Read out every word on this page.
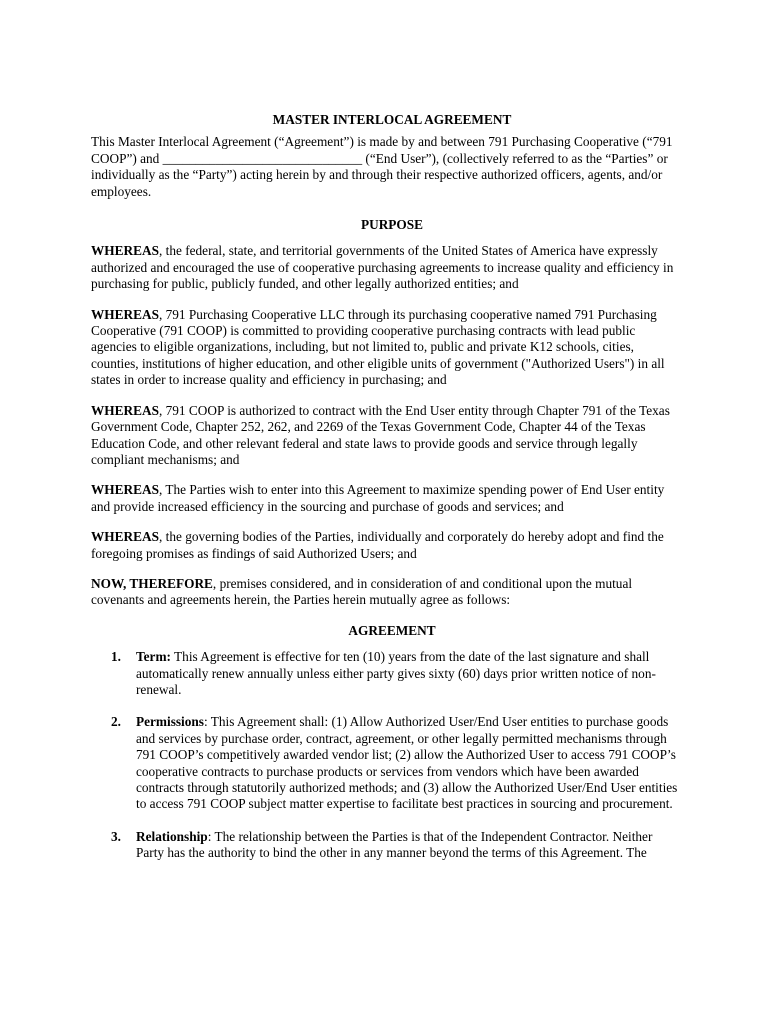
MASTER INTERLOCAL AGREEMENT

This Master Interlocal Agreement (“Agreement”) is made by and between 791 Purchasing Cooperative (“791 COOP”) and ______________________________ (“End User”), (collectively referred to as the “Parties” or individually as the “Party”) acting herein by and through their respective authorized officers, agents, and/or employees.

PURPOSE

WHEREAS, the federal, state, and territorial governments of the United States of America have expressly authorized and encouraged the use of cooperative purchasing agreements to increase quality and efficiency in purchasing for public, publicly funded, and other legally authorized entities; and

WHEREAS, 791 Purchasing Cooperative LLC through its purchasing cooperative named 791 Purchasing Cooperative (791 COOP) is committed to providing cooperative purchasing contracts with lead public agencies to eligible organizations, including, but not limited to, public and private K12 schools, cities, counties, institutions of higher education, and other eligible units of government ("Authorized Users") in all states in order to increase quality and efficiency in purchasing; and

WHEREAS, 791 COOP is authorized to contract with the End User entity through Chapter 791 of the Texas Government Code, Chapter 252, 262, and 2269 of the Texas Government Code, Chapter 44 of the Texas Education Code, and other relevant federal and state laws to provide goods and service through legally compliant mechanisms; and

WHEREAS, The Parties wish to enter into this Agreement to maximize spending power of End User entity and provide increased efficiency in the sourcing and purchase of goods and services; and

WHEREAS, the governing bodies of the Parties, individually and corporately do hereby adopt and find the foregoing promises as findings of said Authorized Users; and

NOW, THEREFORE, premises considered, and in consideration of and conditional upon the mutual covenants and agreements herein, the Parties herein mutually agree as follows:

AGREEMENT
1. Term: This Agreement is effective for ten (10) years from the date of the last signature and shall automatically renew annually unless either party gives sixty (60) days prior written notice of non-renewal.
2. Permissions: This Agreement shall: (1) Allow Authorized User/End User entities to purchase goods and services by purchase order, contract, agreement, or other legally permitted mechanisms through 791 COOP’s competitively awarded vendor list; (2) allow the Authorized User to access 791 COOP’s cooperative contracts to purchase products or services from vendors which have been awarded contracts through statutorily authorized methods; and (3) allow the Authorized User/End User entities to access 791 COOP subject matter expertise to facilitate best practices in sourcing and procurement.
3. Relationship: The relationship between the Parties is that of the Independent Contractor. Neither Party has the authority to bind the other in any manner beyond the terms of this Agreement. The
